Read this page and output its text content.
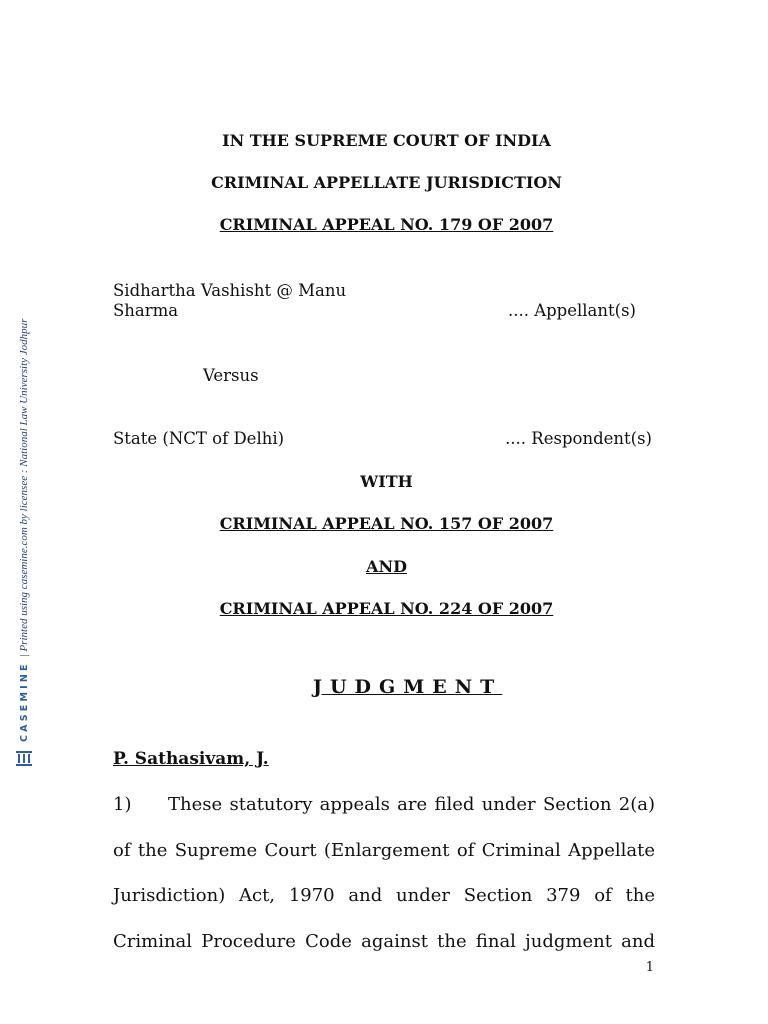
CASEMINE
| Printed using casemine.com by licensee : National Law University Jodhpur
IN THE SUPREME COURT OF INDIA
CRIMINAL APPELLATE JURISDICTION
CRIMINAL APPEAL NO. 179 OF 2007
Sidhartha Vashisht @ Manu
Sharma	.... Appellant(s)
Versus
State (NCT of Delhi)	.... Respondent(s)
WITH
CRIMINAL APPEAL NO. 157 OF 2007
AND
CRIMINAL APPEAL NO. 224 OF 2007
JUDGMENT
P. Sathasivam, J.
1)     These statutory appeals are filed under Section 2(a)
of the Supreme Court (Enlargement of Criminal Appellate
Jurisdiction) Act, 1970 and under Section 379 of the
Criminal Procedure Code against the final judgment and
1
